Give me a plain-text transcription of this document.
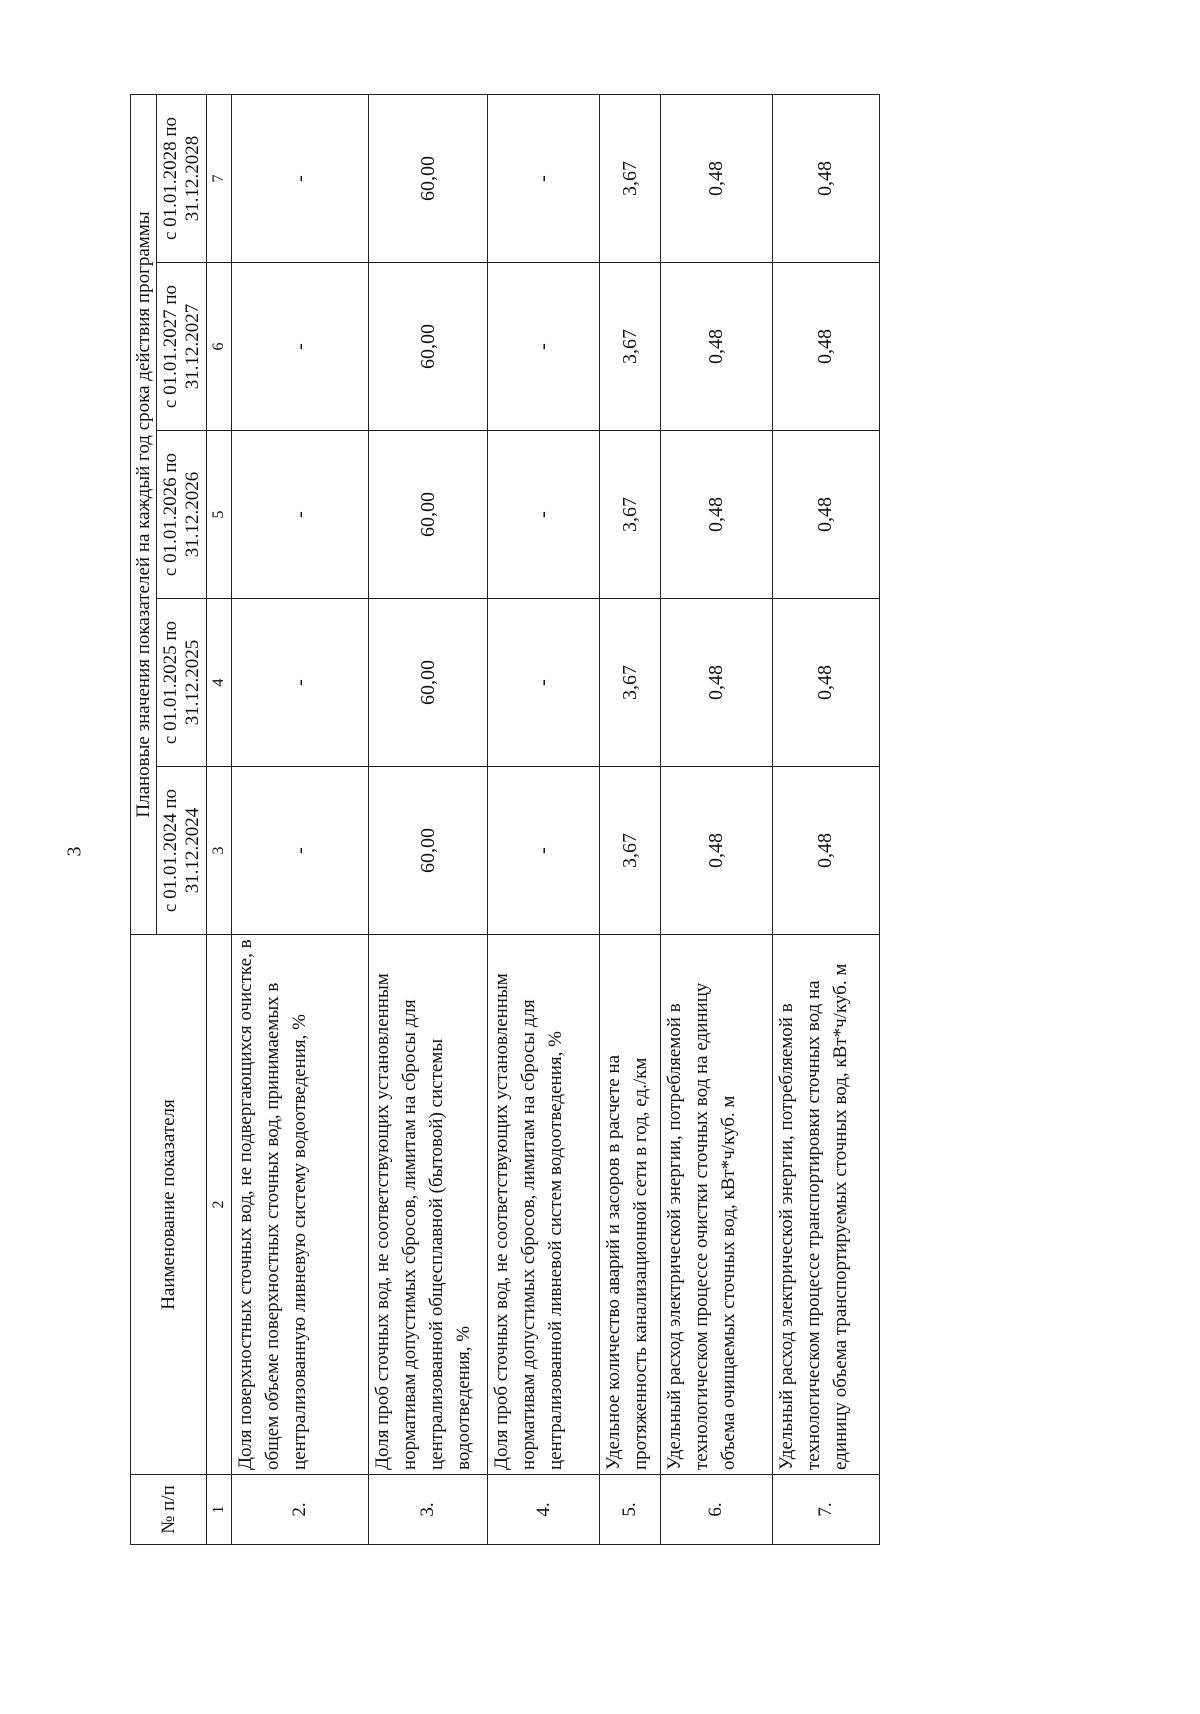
3
№ п/п	Наименование показателя	Плановые значения показателей на каждый год срока действия программы				
		с 01.01.2024 по 31.12.2024	с 01.01.2025 по 31.12.2025	с 01.01.2026 по 31.12.2026	с 01.01.2027 по 31.12.2027	с 01.01.2028 по 31.12.2028
1	2	3	4	5	6	7
2.	Доля поверхностных сточных вод, не подвергающихся очистке, в общем объеме поверхностных сточных вод, принимаемых в централизованную ливневую систему водоотведения, %	-	-	-	-	-
3.	Доля проб сточных вод, не соответствующих установленным нормативам допустимых сбросов, лимитам на сбросы для централизованной общесплавной (бытовой) системы водоотведения, %	60,00	60,00	60,00	60,00	60,00
4.	Доля проб сточных вод, не соответствующих установленным нормативам допустимых сбросов, лимитам на сбросы для централизованной ливневой систем водоотведения, %	-	-	-	-	-
5.	Удельное количество аварий и засоров в расчете на протяженность канализационной сети в год, ед./км	3,67	3,67	3,67	3,67	3,67
6.	Удельный расход электрической энергии, потребляемой в технологическом процессе очистки сточных вод на единицу объема очищаемых сточных вод, кВт*ч/куб. м	0,48	0,48	0,48	0,48	0,48
7.	Удельный расход электрической энергии, потребляемой в технологическом процессе транспортировки сточных вод на единицу объема транспортируемых сточных вод, кВт*ч/куб. м	0,48	0,48	0,48	0,48	0,48
